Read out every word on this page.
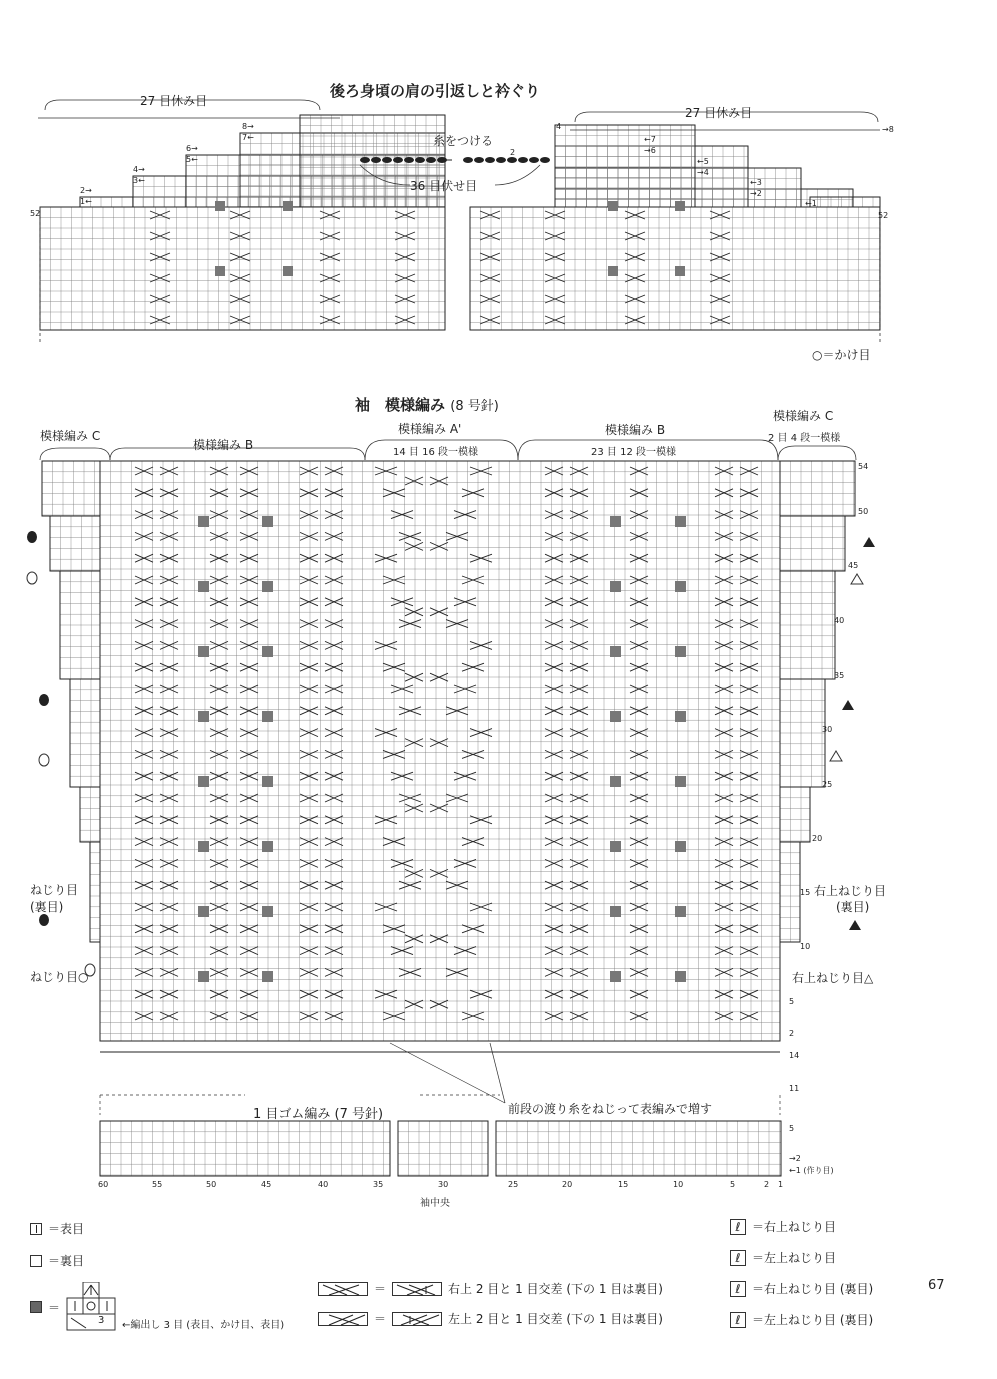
後ろ身頃の肩の引返しと衿ぐり
27 目休み目
27 目休み目
糸をつける
36 目伏せ目
2
52	52
○＝かけ目
8→
7←
6→
5←
4→
3←
2→
1←
4	→8
←7
→6
←5
→4
←3
→2
←1
袖　模様編み (8 号針)
模様編み C
模様編み B
模様編み A'
14 目 16 段一模様
模様編み B
23 目 12 段一模様
模様編み C
2 目 4 段一模様
54
50
45
40
35
30
25
20
15
10
5
2
14
11
右上ねじり目
(裏目)
右上ねじり目△
ねじり目
(裏目)
ねじり目○
前段の渡り糸をねじって表編みで増す
1 目ゴム編み (7 号針)
5
→2
←1 (作り目)
60	55	50	45	40	35	30	25	20	15	10	5	2 1
袖中央
＝表目
＝裏目
＝
3 ←編出し 3 目 (表目、かけ目、表目)
＝	右上 2 目と 1 目交差 (下の 1 目は裏目)
＝	左上 2 目と 1 目交差 (下の 1 目は裏目)
ℓ ＝右上ねじり目
ℓ ＝左上ねじり目
ℓ ＝右上ねじり目 (裏目)
ℓ ＝左上ねじり目 (裏目)
67
